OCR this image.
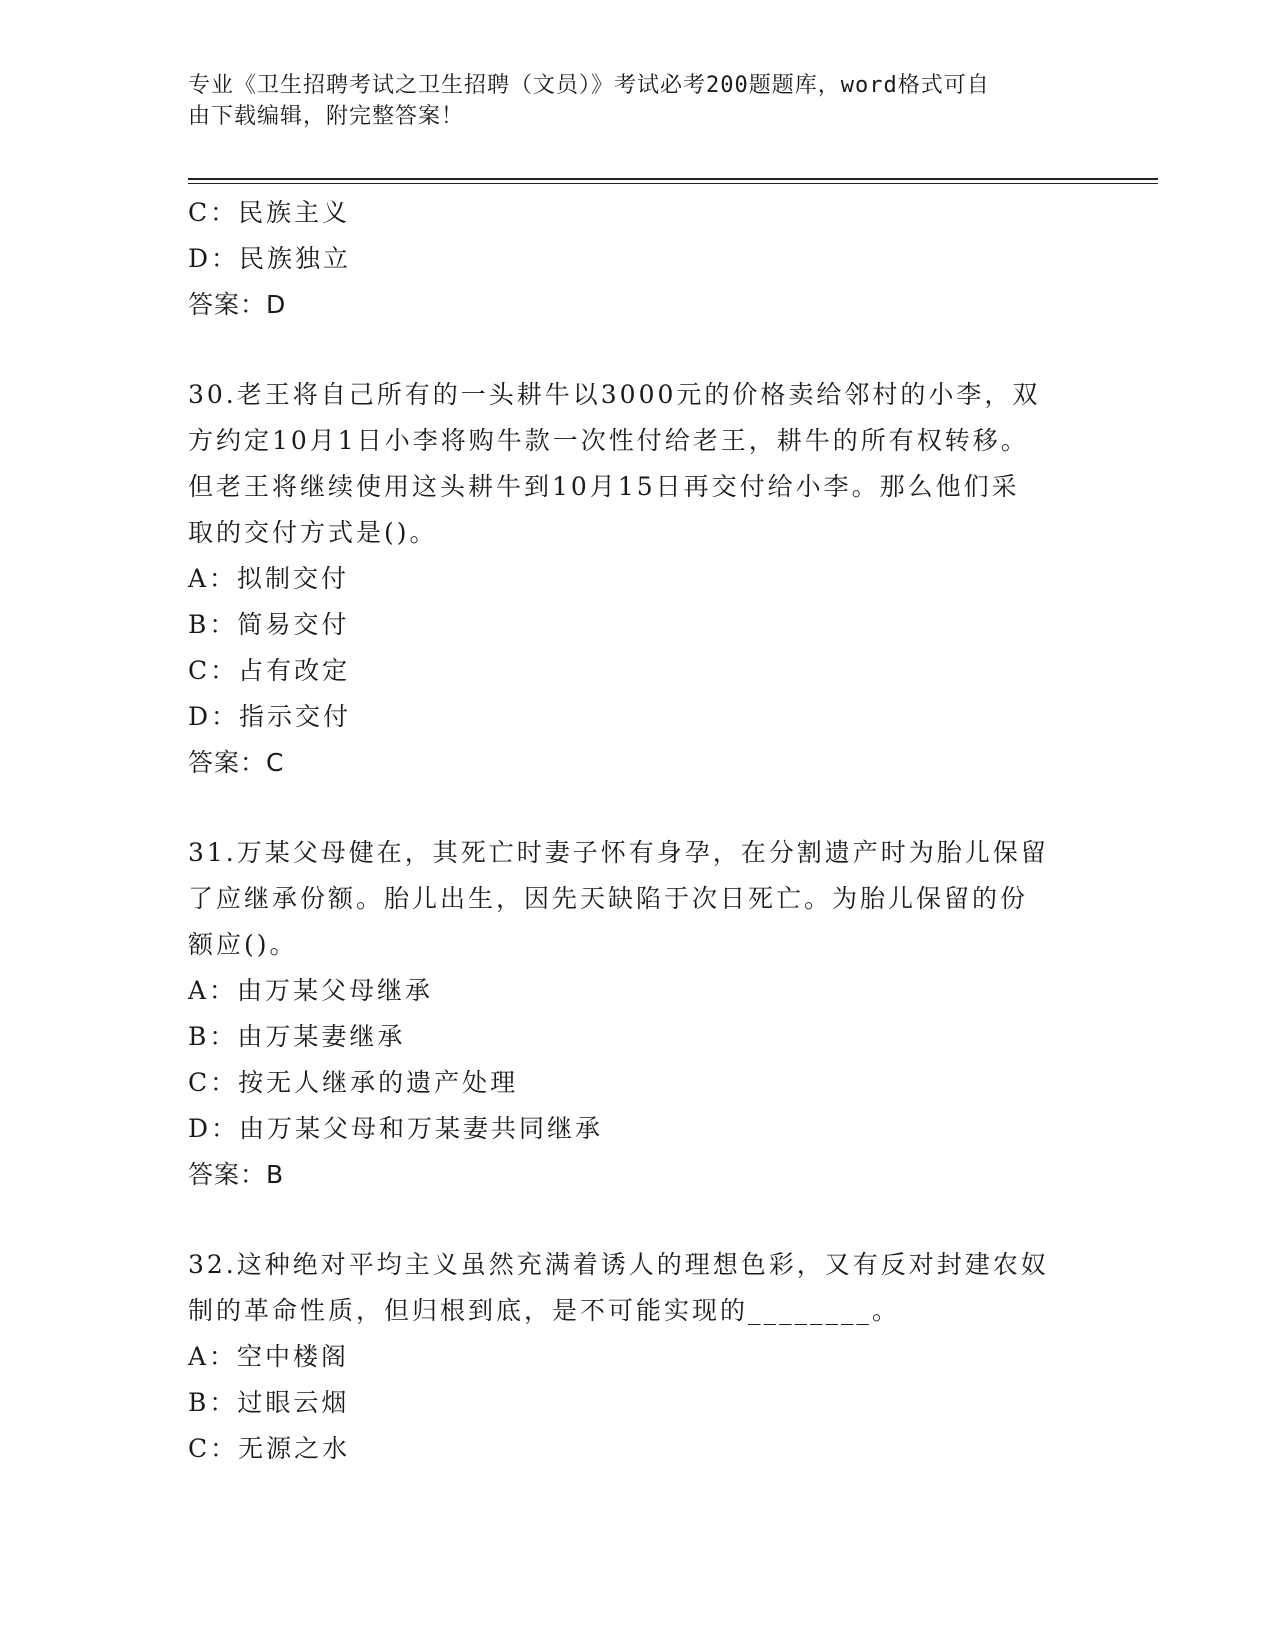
专业《卫生招聘考试之卫生招聘（文员）》考试必考200题题库，word格式可自
由下载编辑，附完整答案！
C：民族主义
D：民族独立
答案：D
30.老王将自己所有的一头耕牛以3000元的价格卖给邻村的小李，双
方约定10月1日小李将购牛款一次性付给老王，耕牛的所有权转移。
但老王将继续使用这头耕牛到10月15日再交付给小李。那么他们采
取的交付方式是()。
A：拟制交付
B：简易交付
C：占有改定
D：指示交付
答案：C
31.万某父母健在，其死亡时妻子怀有身孕，在分割遗产时为胎儿保留
了应继承份额。胎儿出生，因先天缺陷于次日死亡。为胎儿保留的份
额应()。
A：由万某父母继承
B：由万某妻继承
C：按无人继承的遗产处理
D：由万某父母和万某妻共同继承
答案：B
32.这种绝对平均主义虽然充满着诱人的理想色彩，又有反对封建农奴
制的革命性质，但归根到底，是不可能实现的________。
A：空中楼阁
B：过眼云烟
C：无源之水
